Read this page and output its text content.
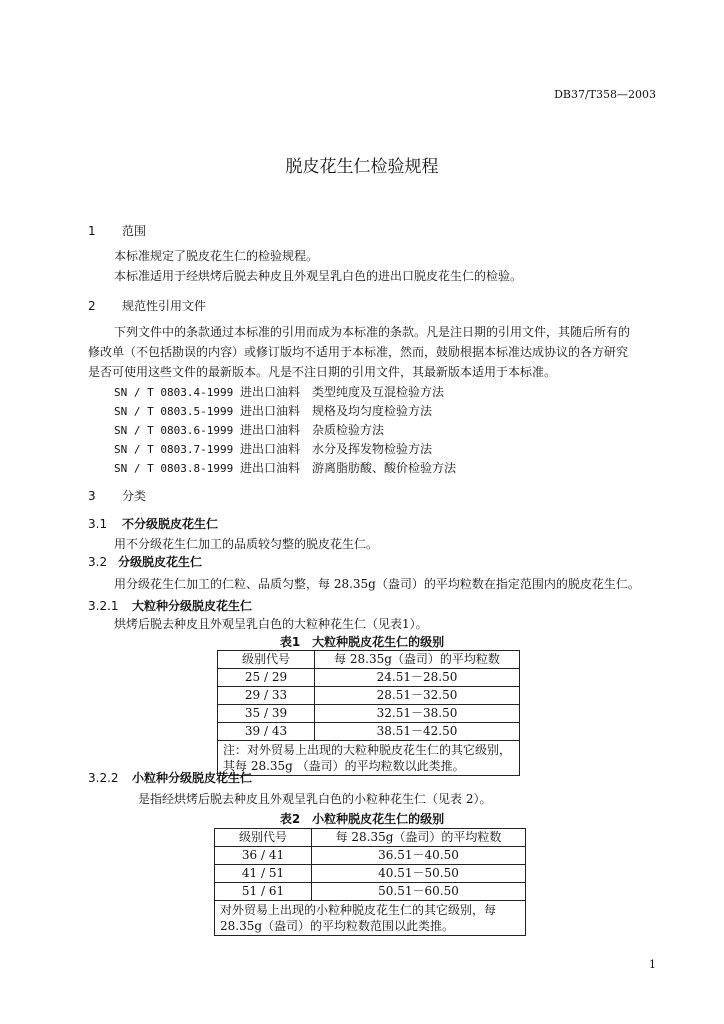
DB37/T358—2003
脱皮花生仁检验规程
1 范围
本标准规定了脱皮花生仁的检验规程。
本标准适用于经烘烤后脱去种皮且外观呈乳白色的进出口脱皮花生仁的检验。
2 规范性引用文件
下列文件中的条款通过本标准的引用而成为本标准的条款。凡是注日期的引用文件，其随后所有的
修改单（不包括勘误的内容）或修订版均不适用于本标准，然而，鼓励根据本标准达成协议的各方研究
是否可使用这些文件的最新版本。凡是不注日期的引用文件，其最新版本适用于本标准。
SN / T 0803.4-1999 进出口油料　类型纯度及互混检验方法
SN / T 0803.5-1999 进出口油料　规格及均匀度检验方法
SN / T 0803.6-1999 进出口油料　杂质检验方法
SN / T 0803.7-1999 进出口油料　水分及挥发物检验方法
SN / T 0803.8-1999 进出口油料　游离脂肪酸、酸价检验方法
3 分类
3.1 不分级脱皮花生仁
用不分级花生仁加工的品质较匀整的脱皮花生仁。
3.2 分级脱皮花生仁
用分级花生仁加工的仁粒、品质匀整，每 28.35g（盎司）的平均粒数在指定范围内的脱皮花生仁。
3.2.1 大粒种分级脱皮花生仁
烘烤后脱去种皮且外观呈乳白色的大粒种花生仁（见表1）。
表1　大粒种脱皮花生仁的级别
级别代号	每 28.35g（盎司）的平均粒数
25 / 29	24.51－28.50
29 / 33	28.51－32.50
35 / 39	32.51－38.50
39 / 43	38.51－42.50
注：对外贸易上出现的大粒种脱皮花生仁的其它级别，其每 28.35g （盎司）的平均粒数以此类推。	
3.2.2 小粒种分级脱皮花生仁
是指经烘烤后脱去种皮且外观呈乳白色的小粒种花生仁（见表 2）。
表2　小粒种脱皮花生仁的级别
级别代号	每 28.35g（盎司）的平均粒数
36 / 41	36.51－40.50
41 / 51	40.51－50.50
51 / 61	50.51－60.50
对外贸易上出现的小粒种脱皮花生仁的其它级别，每 28.35g（盎司）的平均粒数范围以此类推。	
1
